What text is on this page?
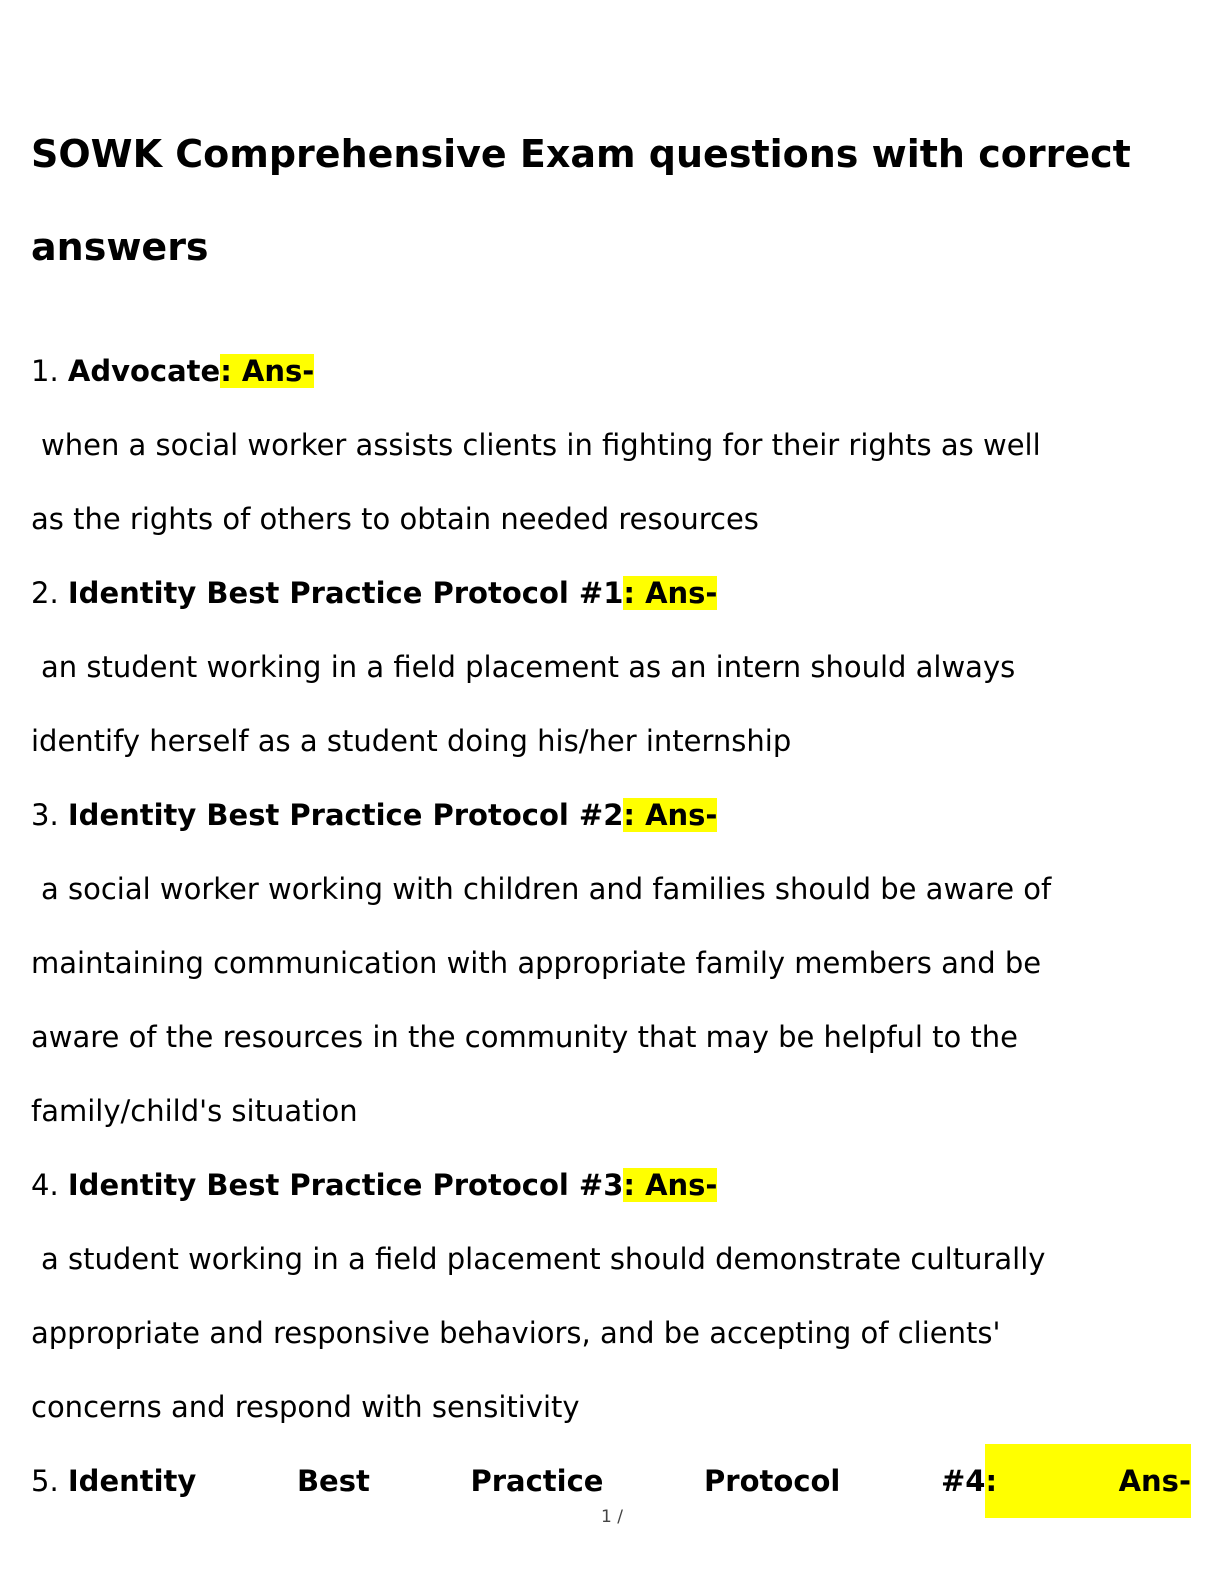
SOWK Comprehensive Exam questions with correct
answers
1. Advocate: Ans-
when a social worker assists clients in fighting for their rights as well
as the rights of others to obtain needed resources
2. Identity Best Practice Protocol #1: Ans-
an student working in a field placement as an intern should always
identify herself as a student doing his/her internship
3. Identity Best Practice Protocol #2: Ans-
a social worker working with children and families should be aware of
maintaining communication with appropriate family members and be
aware of the resources in the community that may be helpful to the
family/child's situation
4. Identity Best Practice Protocol #3: Ans-
a student working in a field placement should demonstrate culturally
appropriate and responsive behaviors, and be accepting of clients'
concerns and respond with sensitivity
5. Identity	Best	Practice	Protocol	#4 :	Ans-
1 /
